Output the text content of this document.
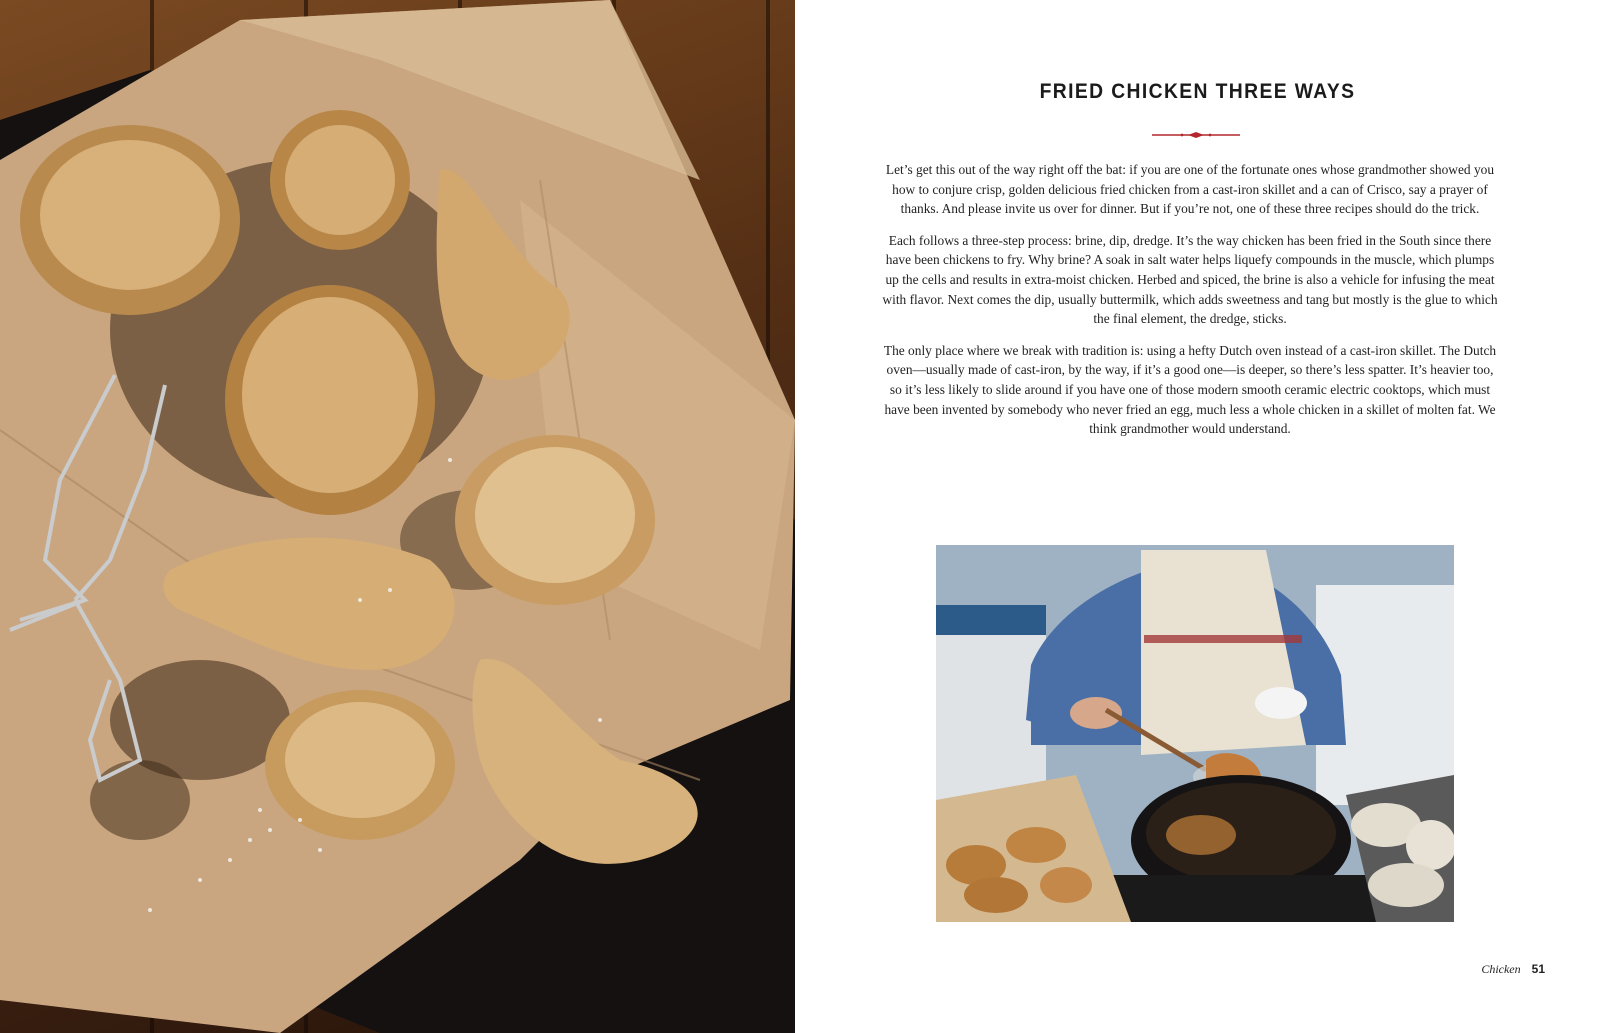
FRIED CHICKEN THREE WAYS

Let’s get this out of the way right off the bat: if you are one of the fortunate ones whose grandmother showed you how to conjure crisp, golden delicious fried chicken from a cast-iron skillet and a can of Crisco, say a prayer of thanks. And please invite us over for dinner. But if you’re not, one of these three recipes should do the trick.

Each follows a three-step process: brine, dip, dredge. It’s the way chicken has been fried in the South since there have been chickens to fry. Why brine? A soak in salt water helps liquefy compounds in the muscle, which plumps up the cells and results in extra-moist chicken. Herbed and spiced, the brine is also a vehicle for infusing the meat with flavor. Next comes the dip, usually buttermilk, which adds sweetness and tang but mostly is the glue to which the final element, the dredge, sticks.

The only place where we break with tradition is: using a hefty Dutch oven instead of a cast-iron skillet. The Dutch oven—usually made of cast-iron, by the way, if it’s a good one—is deeper, so there’s less spatter. It’s heavier too, so it’s less likely to slide around if you have one of those modern smooth ceramic electric cooktops, which must have been invented by somebody who never fried an egg, much less a whole chicken in a skillet of molten fat. We think grandmother would understand.

Chicken 51
